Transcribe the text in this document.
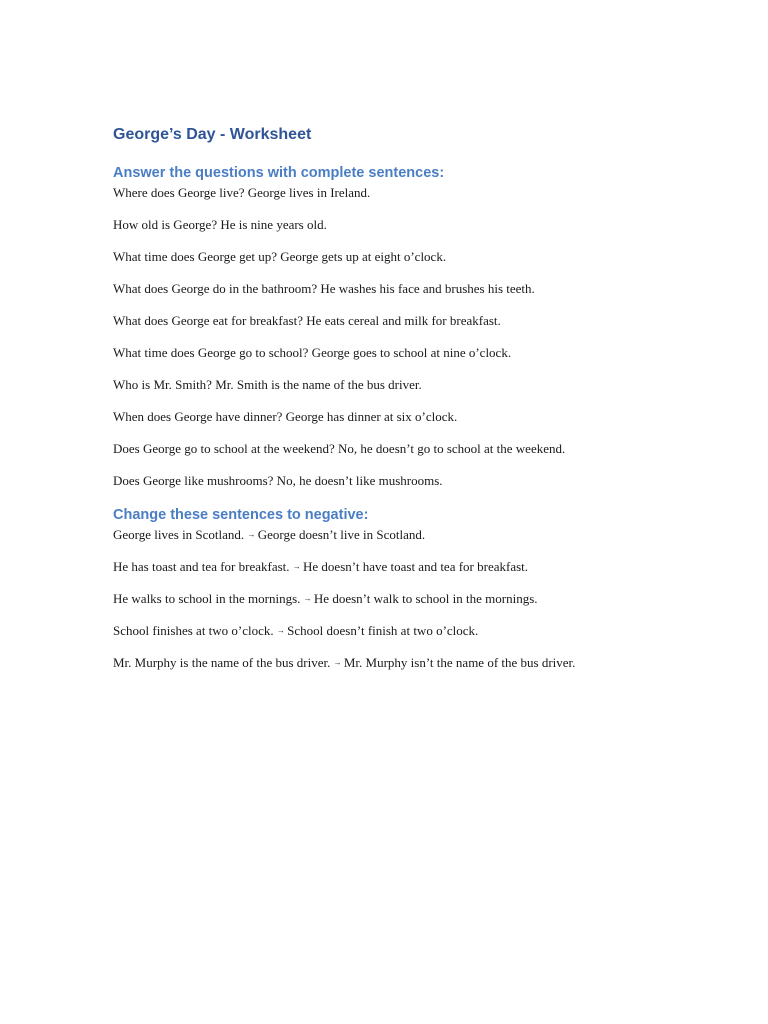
George’s Day - Worksheet
Answer the questions with complete sentences:
Where does George live? George lives in Ireland.
How old is George? He is nine years old.
What time does George get up? George gets up at eight o’clock.
What does George do in the bathroom? He washes his face and brushes his teeth.
What does George eat for breakfast? He eats cereal and milk for breakfast.
What time does George go to school? George goes to school at nine o’clock.
Who is Mr. Smith? Mr. Smith is the name of the bus driver.
When does George have dinner? George has dinner at six o’clock.
Does George go to school at the weekend? No, he doesn’t go to school at the weekend.
Does George like mushrooms? No, he doesn’t like mushrooms.
Change these sentences to negative:
George lives in Scotland. → George doesn’t live in Scotland.
He has toast and tea for breakfast. → He doesn’t have toast and tea for breakfast.
He walks to school in the mornings. → He doesn’t walk to school in the mornings.
School finishes at two o’clock. → School doesn’t finish at two o’clock.
Mr. Murphy is the name of the bus driver. → Mr. Murphy isn’t the name of the bus driver.
